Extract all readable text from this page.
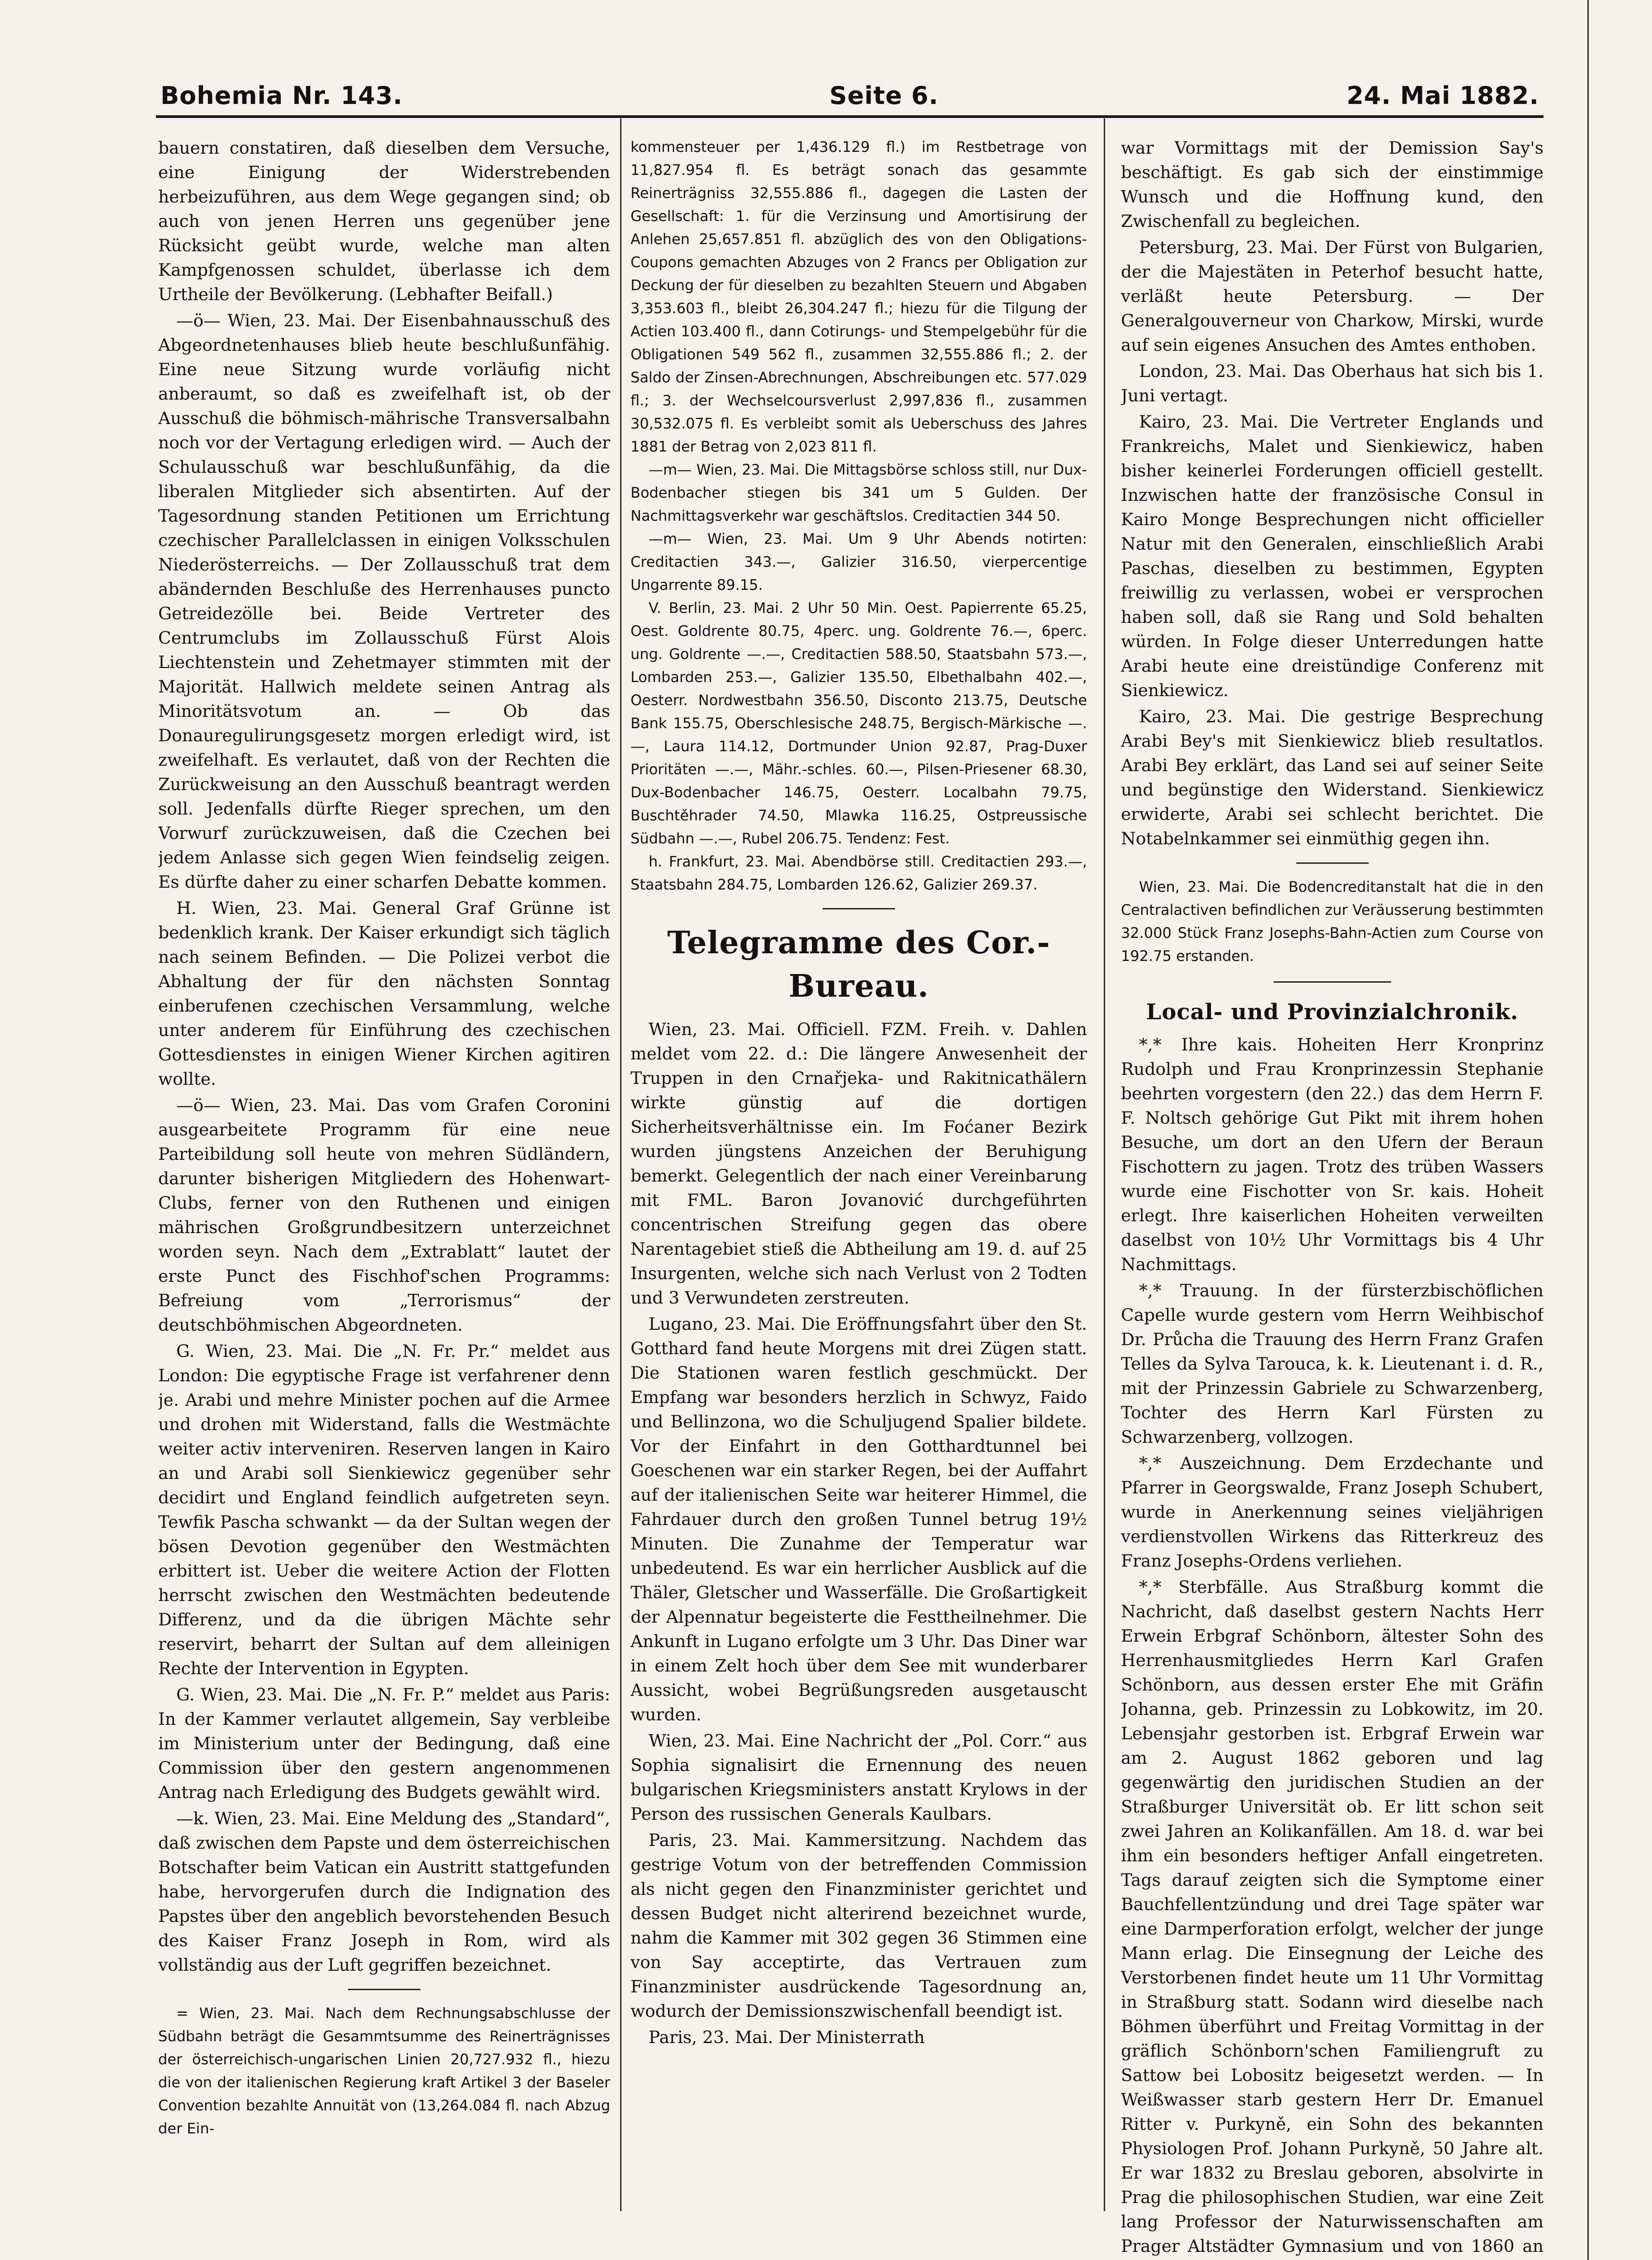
Bohemia Nr. 143.	Seite 6.	24. Mai 1882.

bauern constatiren, daß dieselben dem Versuche, eine Einigung der Widerstrebenden herbeizuführen, aus dem Wege gegangen sind; ob auch von jenen Herren uns gegenüber jene Rücksicht geübt wurde, welche man alten Kampfgenossen schuldet, überlasse ich dem Urtheile der Bevölkerung. (Lebhafter Beifall.)

—ö— Wien, 23. Mai. Der Eisenbahnausschuß des Abgeordnetenhauses blieb heute beschlußunfähig. Eine neue Sitzung wurde vorläufig nicht anberaumt, so daß es zweifelhaft ist, ob der Ausschuß die böhmisch-mährische Transversalbahn noch vor der Vertagung erledigen wird. — Auch der Schulausschuß war beschlußunfähig, da die liberalen Mitglieder sich absentirten. Auf der Tagesordnung standen Petitionen um Errichtung czechischer Parallelclassen in einigen Volksschulen Niederösterreichs. — Der Zollausschuß trat dem abändernden Beschluße des Herrenhauses puncto Getreidezölle bei. Beide Vertreter des Centrumclubs im Zollausschuß Fürst Alois Liechtenstein und Zehetmayer stimmten mit der Majorität. Hallwich meldete seinen Antrag als Minoritätsvotum an. — Ob das Donauregulirungsgesetz morgen erledigt wird, ist zweifelhaft. Es verlautet, daß von der Rechten die Zurückweisung an den Ausschuß beantragt werden soll. Jedenfalls dürfte Rieger sprechen, um den Vorwurf zurückzuweisen, daß die Czechen bei jedem Anlasse sich gegen Wien feindselig zeigen. Es dürfte daher zu einer scharfen Debatte kommen.

H. Wien, 23. Mai. General Graf Grünne ist bedenklich krank. Der Kaiser erkundigt sich täglich nach seinem Befinden. — Die Polizei verbot die Abhaltung der für den nächsten Sonntag einberufenen czechischen Versammlung, welche unter anderem für Einführung des czechischen Gottesdienstes in einigen Wiener Kirchen agitiren wollte.

—ö— Wien, 23. Mai. Das vom Grafen Coronini ausgearbeitete Programm für eine neue Parteibildung soll heute von mehren Südländern, darunter bisherigen Mitgliedern des Hohenwart-Clubs, ferner von den Ruthenen und einigen mährischen Großgrundbesitzern unterzeichnet worden seyn. Nach dem „Extrablatt“ lautet der erste Punct des Fischhof'schen Programms: Befreiung vom „Terrorismus“ der deutschböhmischen Abgeordneten.

G. Wien, 23. Mai. Die „N. Fr. Pr.“ meldet aus London: Die egyptische Frage ist verfahrener denn je. Arabi und mehre Minister pochen auf die Armee und drohen mit Widerstand, falls die Westmächte weiter activ interveniren. Reserven langen in Kairo an und Arabi soll Sienkiewicz gegenüber sehr decidirt und England feindlich aufgetreten seyn. Tewfik Pascha schwankt — da der Sultan wegen der bösen Devotion gegenüber den Westmächten erbittert ist. Ueber die weitere Action der Flotten herrscht zwischen den Westmächten bedeutende Differenz, und da die übrigen Mächte sehr reservirt, beharrt der Sultan auf dem alleinigen Rechte der Intervention in Egypten.

G. Wien, 23. Mai. Die „N. Fr. P.“ meldet aus Paris: In der Kammer verlautet allgemein, Say verbleibe im Ministerium unter der Bedingung, daß eine Commission über den gestern angenommenen Antrag nach Erledigung des Budgets gewählt wird.

—k. Wien, 23. Mai. Eine Meldung des „Standard“, daß zwischen dem Papste und dem österreichischen Botschafter beim Vatican ein Austritt stattgefunden habe, hervorgerufen durch die Indignation des Papstes über den angeblich bevorstehenden Besuch des Kaiser Franz Joseph in Rom, wird als vollständig aus der Luft gegriffen bezeichnet.

= Wien, 23. Mai. Nach dem Rechnungsabschlusse der Südbahn beträgt die Gesammtsumme des Reinerträgnisses der österreichisch-ungarischen Linien 20,727.932 fl., hiezu die von der italienischen Regierung kraft Artikel 3 der Baseler Convention bezahlte Annuität von (13,264.084 fl. nach Abzug der Ein-

kommensteuer per 1,436.129 fl.) im Restbetrage von 11,827.954 fl. Es beträgt sonach das gesammte Reinerträgniss 32,555.886 fl., dagegen die Lasten der Gesellschaft: 1. für die Verzinsung und Amortisirung der Anlehen 25,657.851 fl. abzüglich des von den Obligations-Coupons gemachten Abzuges von 2 Francs per Obligation zur Deckung der für dieselben zu bezahlten Steuern und Abgaben 3,353.603 fl., bleibt 26,304.247 fl.; hiezu für die Tilgung der Actien 103.400 fl., dann Cotirungs- und Stempelgebühr für die Obligationen 549 562 fl., zusammen 32,555.886 fl.; 2. der Saldo der Zinsen-Abrechnungen, Abschreibungen etc. 577.029 fl.; 3. der Wechselcoursverlust 2,997,836 fl., zusammen 30,532.075 fl. Es verbleibt somit als Ueberschuss des Jahres 1881 der Betrag von 2,023 811 fl.

—m— Wien, 23. Mai. Die Mittagsbörse schloss still, nur Dux-Bodenbacher stiegen bis 341 um 5 Gulden. Der Nachmittagsverkehr war geschäftslos. Creditactien 344 50.

—m— Wien, 23. Mai. Um 9 Uhr Abends notirten: Creditactien 343.—, Galizier 316.50, vierpercentige Ungarrente 89.15.

V. Berlin, 23. Mai. 2 Uhr 50 Min. Oest. Papierrente 65.25, Oest. Goldrente 80.75, 4perc. ung. Goldrente 76.—, 6perc. ung. Goldrente —.—, Creditactien 588.50, Staatsbahn 573.—, Lombarden 253.—, Galizier 135.50, Elbethalbahn 402.—, Oesterr. Nordwestbahn 356.50, Disconto 213.75, Deutsche Bank 155.75, Oberschlesische 248.75, Bergisch-Märkische —.—, Laura 114.12, Dortmunder Union 92.87, Prag-Duxer Prioritäten —.—, Mähr.-schles. 60.—, Pilsen-Priesener 68.30, Dux-Bodenbacher 146.75, Oesterr. Localbahn 79.75, Buschtěhrader 74.50, Mlawka 116.25, Ostpreussische Südbahn —.—, Rubel 206.75. Tendenz: Fest.

h. Frankfurt, 23. Mai. Abendbörse still. Creditactien 293.—, Staatsbahn 284.75, Lombarden 126.62, Galizier 269.37.

Telegramme des Cor.-Bureau.

Wien, 23. Mai. Officiell. FZM. Freih. v. Dahlen meldet vom 22. d.: Die längere Anwesenheit der Truppen in den Crnařjeka- und Rakitnicathälern wirkte günstig auf die dortigen Sicherheitsverhältnisse ein. Im Foćaner Bezirk wurden jüngstens Anzeichen der Beruhigung bemerkt. Gelegentlich der nach einer Vereinbarung mit FML. Baron Jovanović durchgeführten concentrischen Streifung gegen das obere Narentagebiet stieß die Abtheilung am 19. d. auf 25 Insurgenten, welche sich nach Verlust von 2 Todten und 3 Verwundeten zerstreuten.

Lugano, 23. Mai. Die Eröffnungsfahrt über den St. Gotthard fand heute Morgens mit drei Zügen statt. Die Stationen waren festlich geschmückt. Der Empfang war besonders herzlich in Schwyz, Faido und Bellinzona, wo die Schuljugend Spalier bildete. Vor der Einfahrt in den Gotthardtunnel bei Goeschenen war ein starker Regen, bei der Auffahrt auf der italienischen Seite war heiterer Himmel, die Fahrdauer durch den großen Tunnel betrug 19½ Minuten. Die Zunahme der Temperatur war unbedeutend. Es war ein herrlicher Ausblick auf die Thäler, Gletscher und Wasserfälle. Die Großartigkeit der Alpennatur begeisterte die Festtheilnehmer. Die Ankunft in Lugano erfolgte um 3 Uhr. Das Diner war in einem Zelt hoch über dem See mit wunderbarer Aussicht, wobei Begrüßungsreden ausgetauscht wurden.

Wien, 23. Mai. Eine Nachricht der „Pol. Corr.“ aus Sophia signalisirt die Ernennung des neuen bulgarischen Kriegsministers anstatt Krylows in der Person des russischen Generals Kaulbars.

Paris, 23. Mai. Kammersitzung. Nachdem das gestrige Votum von der betreffenden Commission als nicht gegen den Finanzminister gerichtet und dessen Budget nicht alterirend bezeichnet wurde, nahm die Kammer mit 302 gegen 36 Stimmen eine von Say acceptirte, das Vertrauen zum Finanzminister ausdrückende Tagesordnung an, wodurch der Demissionszwischenfall beendigt ist.

Paris, 23. Mai. Der Ministerrath

war Vormittags mit der Demission Say's beschäftigt. Es gab sich der einstimmige Wunsch und die Hoffnung kund, den Zwischenfall zu begleichen.

Petersburg, 23. Mai. Der Fürst von Bulgarien, der die Majestäten in Peterhof besucht hatte, verläßt heute Petersburg. — Der Generalgouverneur von Charkow, Mirski, wurde auf sein eigenes Ansuchen des Amtes enthoben.

London, 23. Mai. Das Oberhaus hat sich bis 1. Juni vertagt.

Kairo, 23. Mai. Die Vertreter Englands und Frankreichs, Malet und Sienkiewicz, haben bisher keinerlei Forderungen officiell gestellt. Inzwischen hatte der französische Consul in Kairo Monge Besprechungen nicht officieller Natur mit den Generalen, einschließlich Arabi Paschas, dieselben zu bestimmen, Egypten freiwillig zu verlassen, wobei er versprochen haben soll, daß sie Rang und Sold behalten würden. In Folge dieser Unterredungen hatte Arabi heute eine dreistündige Conferenz mit Sienkiewicz.

Kairo, 23. Mai. Die gestrige Besprechung Arabi Bey's mit Sienkiewicz blieb resultatlos. Arabi Bey erklärt, das Land sei auf seiner Seite und begünstige den Widerstand. Sienkiewicz erwiderte, Arabi sei schlecht berichtet. Die Notabelnkammer sei einmüthig gegen ihn.

Wien, 23. Mai. Die Bodencreditanstalt hat die in den Centralactiven befindlichen zur Veräusserung bestimmten 32.000 Stück Franz Josephs-Bahn-Actien zum Course von 192.75 erstanden.

Local- und Provinzialchronik.

*,* Ihre kais. Hoheiten Herr Kronprinz Rudolph und Frau Kronprinzessin Stephanie beehrten vorgestern (den 22.) das dem Herrn F. F. Noltsch gehörige Gut Pikt mit ihrem hohen Besuche, um dort an den Ufern der Beraun Fischottern zu jagen. Trotz des trüben Wassers wurde eine Fischotter von Sr. kais. Hoheit erlegt. Ihre kaiserlichen Hoheiten verweilten daselbst von 10½ Uhr Vormittags bis 4 Uhr Nachmittags.

*,* Trauung. In der fürsterzbischöflichen Capelle wurde gestern vom Herrn Weihbischof Dr. Průcha die Trauung des Herrn Franz Grafen Telles da Sylva Tarouca, k. k. Lieutenant i. d. R., mit der Prinzessin Gabriele zu Schwarzenberg, Tochter des Herrn Karl Fürsten zu Schwarzenberg, vollzogen.

*,* Auszeichnung. Dem Erzdechante und Pfarrer in Georgswalde, Franz Joseph Schubert, wurde in Anerkennung seines vieljährigen verdienstvollen Wirkens das Ritterkreuz des Franz Josephs-Ordens verliehen.

*,* Sterbfälle. Aus Straßburg kommt die Nachricht, daß daselbst gestern Nachts Herr Erwein Erbgraf Schönborn, ältester Sohn des Herrenhausmitgliedes Herrn Karl Grafen Schönborn, aus dessen erster Ehe mit Gräfin Johanna, geb. Prinzessin zu Lobkowitz, im 20. Lebensjahr gestorben ist. Erbgraf Erwein war am 2. August 1862 geboren und lag gegenwärtig den juridischen Studien an der Straßburger Universität ob. Er litt schon seit zwei Jahren an Kolikanfällen. Am 18. d. war bei ihm ein besonders heftiger Anfall eingetreten. Tags darauf zeigten sich die Symptome einer Bauchfellentzündung und drei Tage später war eine Darmperforation erfolgt, welcher der junge Mann erlag. Die Einsegnung der Leiche des Verstorbenen findet heute um 11 Uhr Vormittag in Straßburg statt. Sodann wird dieselbe nach Böhmen überführt und Freitag Vormittag in der gräflich Schönborn'schen Familiengruft zu Sattow bei Lobositz beigesetzt werden. — In Weißwasser starb gestern Herr Dr. Emanuel Ritter v. Purkyně, ein Sohn des bekannten Physiologen Prof. Johann Purkyně, 50 Jahre alt. Er war 1832 zu Breslau geboren, absolvirte in Prag die philosophischen Studien, war eine Zeit lang Professor der Naturwissenschaften am Prager Altstädter Gymnasium und von 1860 an
